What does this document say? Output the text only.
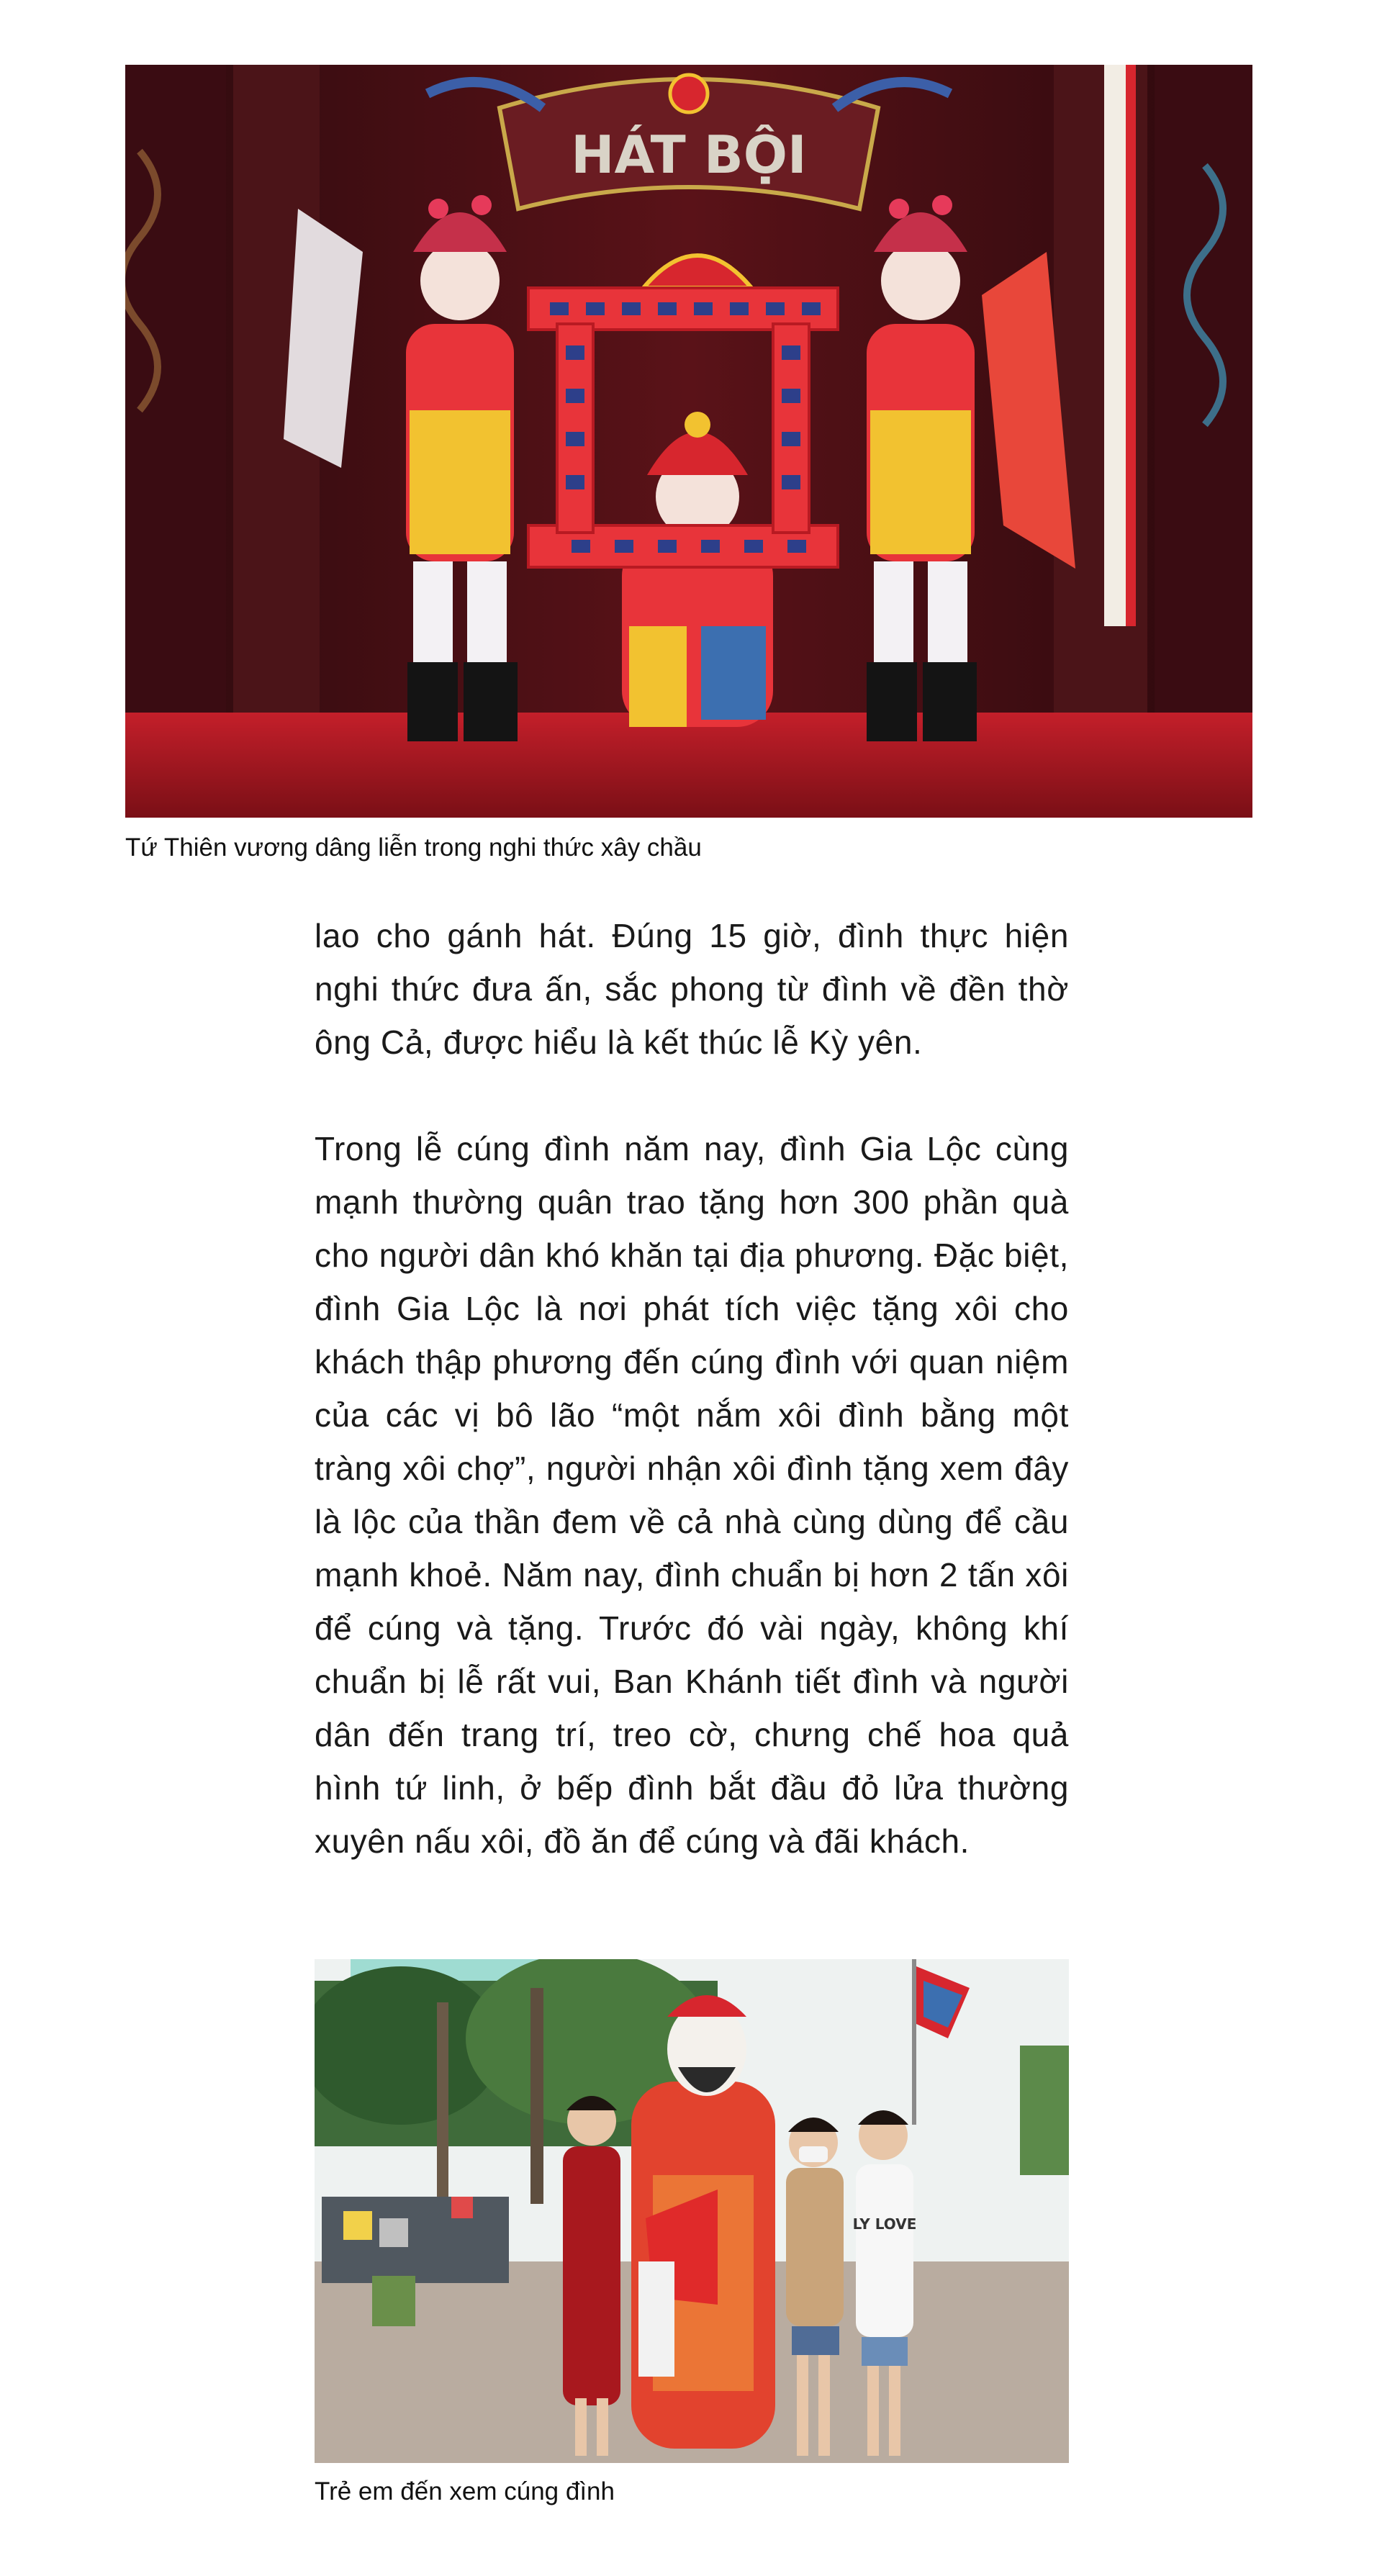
HÁT BỘI
Tứ Thiên vương dâng liễn trong nghi thức xây chầu

lao cho gánh hát. Đúng 15 giờ, đình thực hiện nghi thức đưa ấn, sắc phong từ đình về đền thờ ông Cả, được hiểu là kết thúc lễ Kỳ yên.

Trong lễ cúng đình năm nay, đình Gia Lộc cùng mạnh thường quân trao tặng hơn 300 phần quà cho người dân khó khăn tại địa phương. Đặc biệt, đình Gia Lộc là nơi phát tích việc tặng xôi cho khách thập phương đến cúng đình với quan niệm của các vị bô lão “một nắm xôi đình bằng một tràng xôi chợ”, người nhận xôi đình tặng xem đây là lộc của thần đem về cả nhà cùng dùng để cầu mạnh khoẻ. Năm nay, đình chuẩn bị hơn 2 tấn xôi để cúng và tặng. Trước đó vài ngày, không khí chuẩn bị lễ rất vui, Ban Khánh tiết đình và người dân đến trang trí, treo cờ, chưng chế hoa quả hình tứ linh, ở bếp đình bắt đầu đỏ lửa thường xuyên nấu xôi, đồ ăn để cúng và đãi khách.

LY LOVE
Trẻ em đến xem cúng đình
